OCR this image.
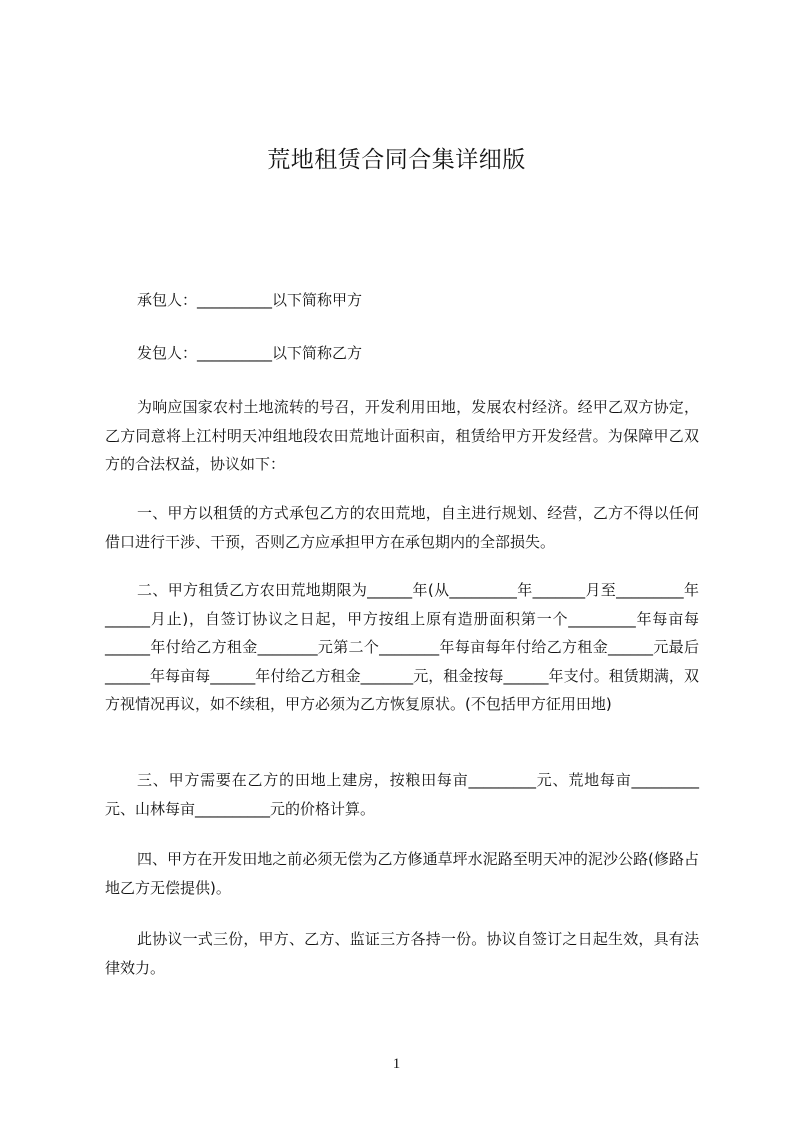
荒地租赁合同合集详细版

承包人：__________以下简称甲方

发包人：__________以下简称乙方

为响应国家农村土地流转的号召，开发利用田地，发展农村经济。经甲乙双方协定，乙方同意将上江村明天冲组地段农田荒地计面积亩，租赁给甲方开发经营。为保障甲乙双方的合法权益，协议如下：

一、甲方以租赁的方式承包乙方的农田荒地，自主进行规划、经营，乙方不得以任何借口进行干涉、干预，否则乙方应承担甲方在承包期内的全部损失。

二、甲方租赁乙方农田荒地期限为______年(从_________年_______月至_________年______月止)，自签订协议之日起，甲方按组上原有造册面积第一个_________年每亩每______年付给乙方租金________元第二个________年每亩每年付给乙方租金______元最后______年每亩每______年付给乙方租金_______元，租金按每______年支付。租赁期满，双方视情况再议，如不续租，甲方必须为乙方恢复原状。(不包括甲方征用田地)

三、甲方需要在乙方的田地上建房，按粮田每亩_________元、荒地每亩_________元、山林每亩__________元的价格计算。

四、甲方在开发田地之前必须无偿为乙方修通草坪水泥路至明天冲的泥沙公路(修路占地乙方无偿提供)。

此协议一式三份，甲方、乙方、监证三方各持一份。协议自签订之日起生效，具有法律效力。

1
